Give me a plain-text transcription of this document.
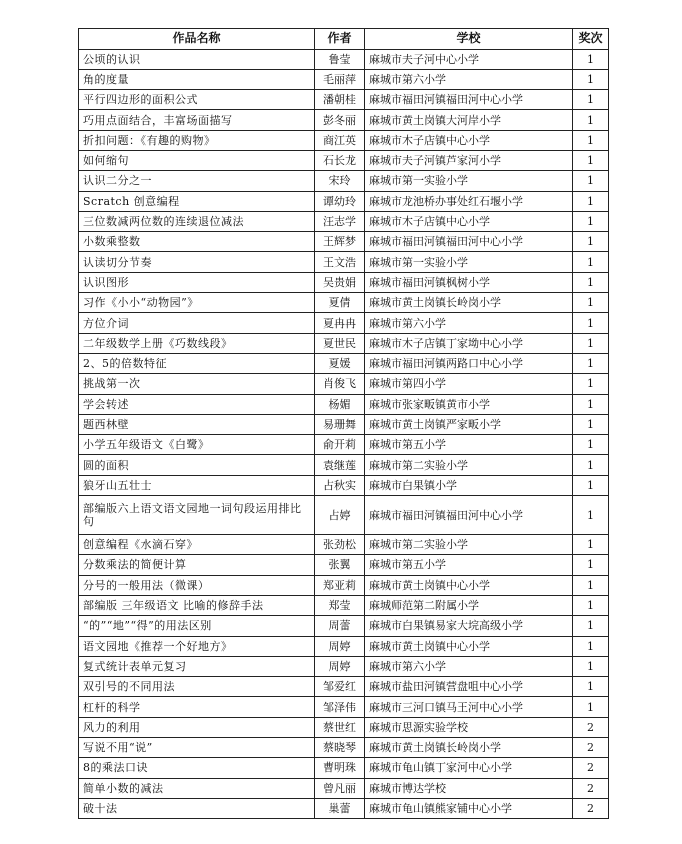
作品名称	作者	学校	奖次
公顷的认识	鲁莹	麻城市夫子河中心小学	1
角的度量	毛丽萍	麻城市第六小学	1
平行四边形的面积公式	潘朝桂	麻城市福田河镇福田河中心小学	1
巧用点面结合，丰富场面描写	彭冬丽	麻城市黄土岗镇大河岸小学	1
折扣问题：《有趣的购物》	商江英	麻城市木子店镇中心小学	1
如何缩句	石长龙	麻城市夫子河镇芦家河小学	1
认识二分之一	宋玲	麻城市第一实验小学	1
Scratch 创意编程	谭幼玲	麻城市龙池桥办事处红石堰小学	1
三位数减两位数的连续退位减法	汪志学	麻城市木子店镇中心小学	1
小数乘整数	王辉梦	麻城市福田河镇福田河中心小学	1
认读切分节奏	王文浩	麻城市第一实验小学	1
认识图形	吴贵娟	麻城市福田河镇枫树小学	1
习作《小小“动物园”》	夏倩	麻城市黄土岗镇长岭岗小学	1
方位介词	夏冉冉	麻城市第六小学	1
二年级数学上册《巧数线段》	夏世民	麻城市木子店镇丁家坳中心小学	1
2、5的倍数特征	夏媛	麻城市福田河镇两路口中心小学	1
挑战第一次	肖俊飞	麻城市第四小学	1
学会转述	杨媚	麻城市张家畈镇黄市小学	1
题西林壁	易珊舞	麻城市黄土岗镇严家畈小学	1
小学五年级语文《白鹭》	俞开莉	麻城市第五小学	1
圆的面积	袁继莲	麻城市第二实验小学	1
狼牙山五壮士	占秋实	麻城市白果镇小学	1
部编版六上语文语文园地一词句段运用排比句	占婷	麻城市福田河镇福田河中心小学	1
创意编程《水滴石穿》	张劲松	麻城市第二实验小学	1
分数乘法的简便计算	张翼	麻城市第五小学	1
分号的一般用法（微课）	郑亚莉	麻城市黄土岗镇中心小学	1
部编版 三年级语文 比喻的修辞手法	郑莹	麻城师范第二附属小学	1
“的”“地”“得”的用法区别	周蕾	麻城市白果镇易家大垸高级小学	1
语文园地《推荐一个好地方》	周婷	麻城市黄土岗镇中心小学	1
复式统计表单元复习	周婷	麻城市第六小学	1
双引号的不同用法	邹爱红	麻城市盐田河镇营盘咀中心小学	1
杠杆的科学	邹泽伟	麻城市三河口镇马王河中心小学	1
风力的利用	蔡世红	麻城市思源实验学校	2
写说不用“说”	蔡晓琴	麻城市黄土岗镇长岭岗小学	2
8的乘法口诀	曹明珠	麻城市龟山镇丁家河中心小学	2
简单小数的减法	曾凡丽	麻城市博达学校	2
破十法	巢蕾	麻城市龟山镇熊家铺中心小学	2
